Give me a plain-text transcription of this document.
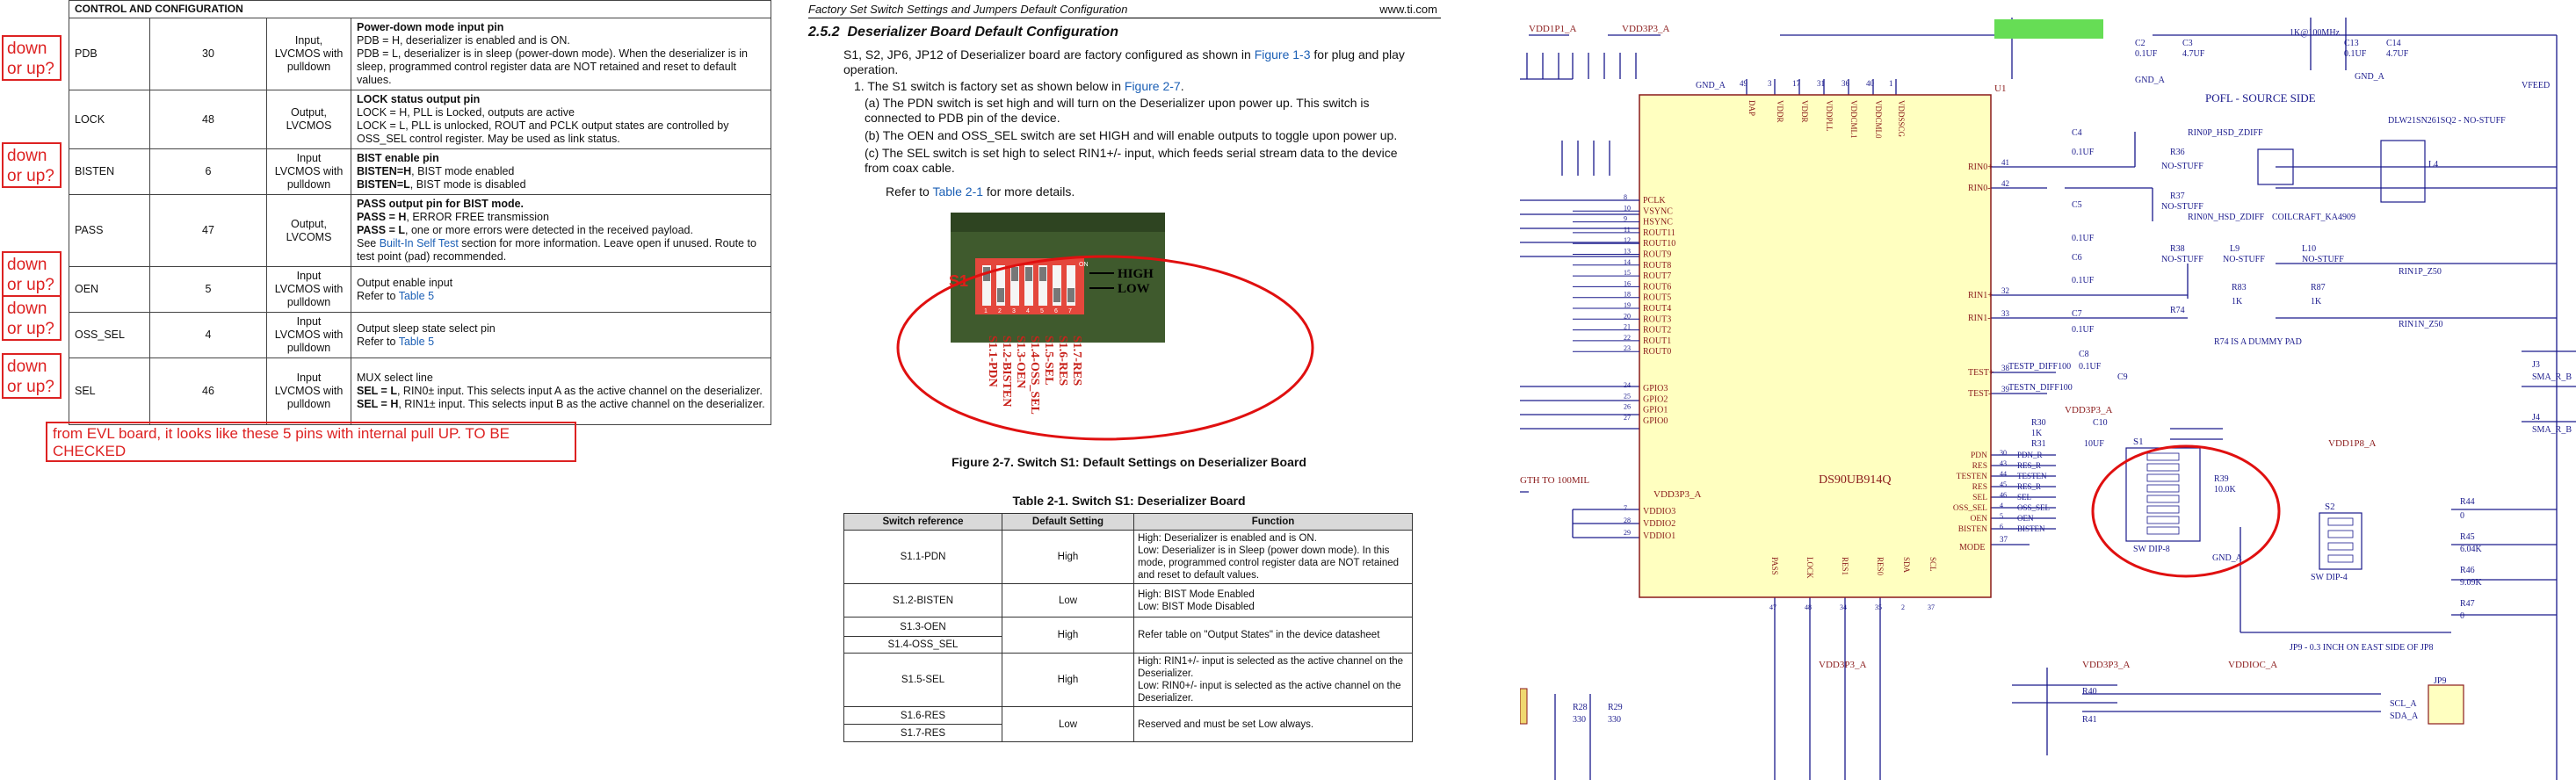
down or up?
down or up?
down or up?
down or up?
down or up?
CONTROL AND CONFIGURATION			
PDB	30	Input, LVCMOS with pulldown	Power-down mode input pin
PDB = H, deserializer is enabled and is ON.
PDB = L, deserializer is in sleep (power-down mode). When the deserializer is in sleep, programmed control register data are NOT retained and reset to default values.

LOCK	48	Output, LVCMOS	LOCK status output pin
LOCK = H, PLL is Locked, outputs are active
LOCK = L, PLL is unlocked, ROUT and PCLK output states are controlled by OSS_SEL control register. May be used as link status.

BISTEN	6	Input LVCMOS with pulldown	BIST enable pin
BISTEN=H, BIST mode enabled
BISTEN=L, BIST mode is disabled

PASS	47	Output, LVCOMS	PASS output pin for BIST mode.
PASS = H, ERROR FREE transmission
PASS = L, one or more errors were detected in the received payload.
See Built-In Self Test section for more information. Leave open if unused. Route to test point (pad) recommended.

OEN	5	Input LVCMOS with pulldown	Output enable input
Refer to Table 5

OSS_SEL	4	Input LVCMOS with pulldown	Output sleep state select pin
Refer to Table 5

SEL	46	Input LVCMOS with pulldown	MUX select line
SEL = L, RIN0± input. This selects input A as the active channel on the deserializer.
SEL = H, RIN1± input. This selects input B as the active channel on the deserializer.
from EVL board, it looks like these 5 pins with internal pull UP. TO BE CHECKED
Factory Set Switch Settings and Jumpers Default Configuration	www.ti.com
2.5.2 Deserializer Board Default Configuration
S1, S2, JP6, JP12 of Deserializer board are factory configured as shown in Figure 1-3 for plug and play operation.
1. The S1 switch is factory set as shown below in Figure 2-7.
(a) The PDN switch is set high and will turn on the Deserializer upon power up. This switch is connected to PDB pin of the device.
(b) The OEN and OSS_SEL switch are set HIGH and will enable outputs to toggle upon power up.
(c) The SEL switch is set high to select RIN1+/- input, which feeds serial stream data to the device from coax cable.
Refer to Table 2-1 for more details.
S1
ON
HIGH
LOW
1 2 3 4 5 6 7
S1.1-PDN S1.2-BISTEN S1.3-OEN S1.4-OSS_SEL S1.5-SEL S1.6-RES S1.7-RES
Figure 2-7. Switch S1: Default Settings on Deserializer Board
Table 2-1. Switch S1: Deserializer Board
Switch reference	Default Setting	Function
S1.1-PDN	High	High: Deserializer is enabled and is ON.
Low: Deserializer is in Sleep (power down mode). In this mode, programmed control register data are NOT retained and reset to default values.

S1.2-BISTEN	Low	High: BIST Mode Enabled
Low: BIST Mode Disabled

S1.3-OEN	High	Refer table on "Output States" in the device datasheet
S1.4-OSS_SEL		
S1.5-SEL	High	High: RIN1+/- input is selected as the active channel on the Deserializer.
Low: RIN0+/- input is selected as the active channel on the Deserializer.

S1.6-RES	Low	Reserved and must be set Low always.
S1.7-RES		
U1
DS90UB914Q
49
DAP
3
VDDR
17
VDDR
31
VDDPLL
36
VDDCML1
40
VDDCML0
1
VDDSSCG
8 PCLK
10 VSYNC
9 HSYNC
11 ROUT11
12 ROUT10
13 ROUT9
14 ROUT8
15 ROUT7
16 ROUT6
18 ROUT5
19 ROUT4
20 ROUT3
21 ROUT2
22 ROUT1
23 ROUT0
24 GPIO3
25 GPIO2
26 GPIO1
27 GPIO0
7 VDDIO3
28 VDDIO2
29 VDDIO1
RIN0+ 41
RIN0- 42
RIN1+ 32
RIN1- 33
TEST+ 38
TEST- 39
PDN 30
RES 43
TESTEN 44
RES 45
SEL 46
OSS_SEL 4
OEN 5
BISTEN 6
PASS
47
LOCK
48
RES1
34
RES0
35
SDA
2
SCL
37
PDN_R
RES_R
TESTEN
RES_R
SEL
OSS_SEL
OEN
BISTEN
MODE
37
VDD1P1_A	VDD3P3_A
GND_A
VDD3P3_A
GTH TO 100MIL
VDD3P3_A
VDD1P8_A
VDD3P3_A	VDD3P3_A	VDDIOC_A
VFEED
C2
0.1UF
C3
4.7UF
GND_A
1K@100MHz
C13
0.1UF
C14
4.7UF
GND_A
POFL - SOURCE SIDE
DLW21SN261SQ2 - NO-STUFF
C4
0.1UF
RIN0P_HSD_ZDIFF
R36
NO-STUFF
R37
NO-STUFF
RIN0N_HSD_ZDIFF COILCRAFT_KA4909
L4
C5
0.1UF
C6
0.1UF
R38
NO-STUFF
L9
NO-STUFF
L10
NO-STUFF
RIN1P_Z50
R83
1K
R87
1K
R74
C7
0.1UF
RIN1N_Z50
R74 IS A DUMMY PAD
TESTP_DIFF100
TESTN_DIFF100
C8
0.1UF
C9
C10
10UF
R30
1K
R31
J3
SMA_R_B
J4
SMA_R_B
S1
SW DIP-8
R39
10.0K
GND_A
S2
SW DIP-4
R44
0
R45
6.04K
R46
9.09K
R47
0
JP9 - 0.3 INCH ON EAST SIDE OF JP8
R40
R41
R28
330
R29
330
JP9
SCL_A
SDA_A
